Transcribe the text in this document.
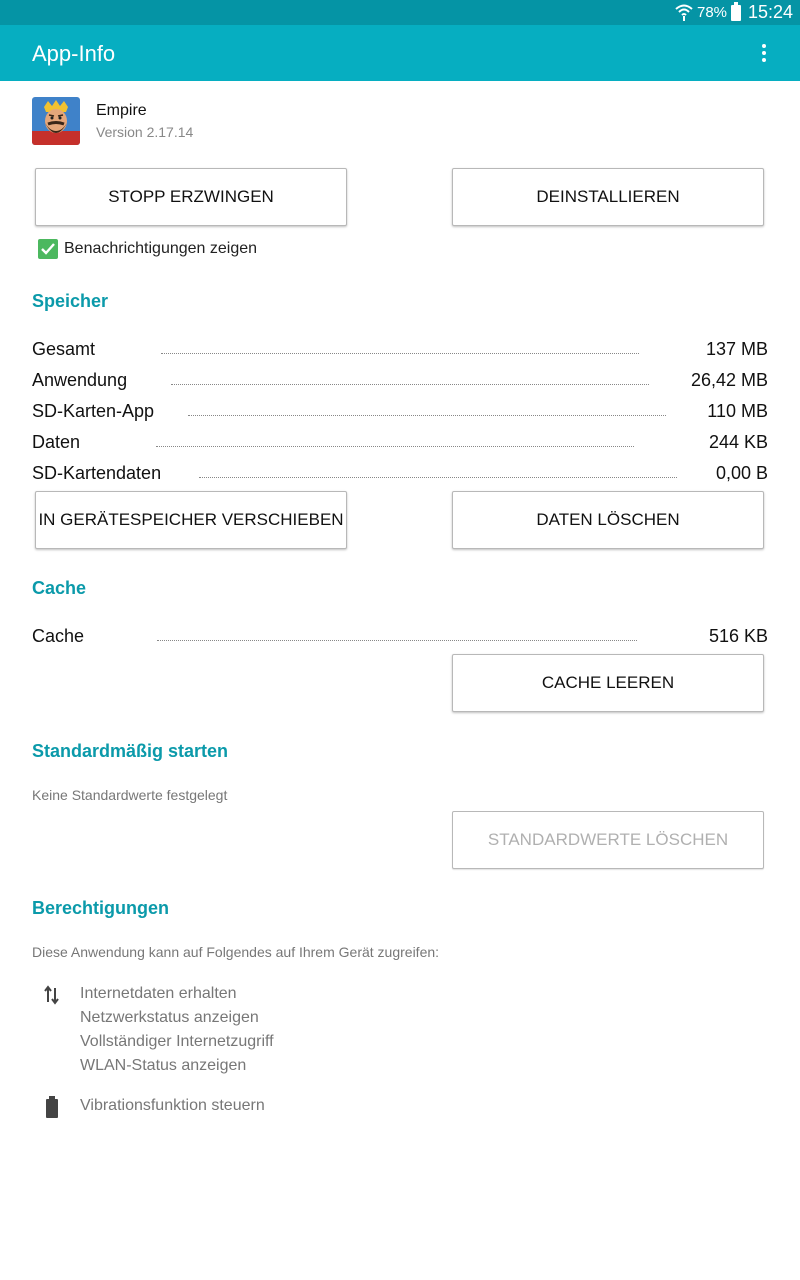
78% 15:24
App-Info
Empire
Version 2.17.14
STOPP ERZWINGEN	DEINSTALLIEREN
Benachrichtigungen zeigen
Speicher
Gesamt	137 MB
Anwendung	26,42 MB
SD-Karten-App	110 MB
Daten	244 KB
SD-Kartendaten	0,00 B
IN GERÄTESPEICHER VERSCHIEBEN	DATEN LÖSCHEN
Cache
Cache	516 KB
CACHE LEEREN
Standardmäßig starten
Keine Standardwerte festgelegt
STANDARDWERTE LÖSCHEN
Berechtigungen
Diese Anwendung kann auf Folgendes auf Ihrem Gerät zugreifen:
Internetdaten erhalten
Netzwerkstatus anzeigen
Vollständiger Internetzugriff
WLAN-Status anzeigen
Vibrationsfunktion steuern
